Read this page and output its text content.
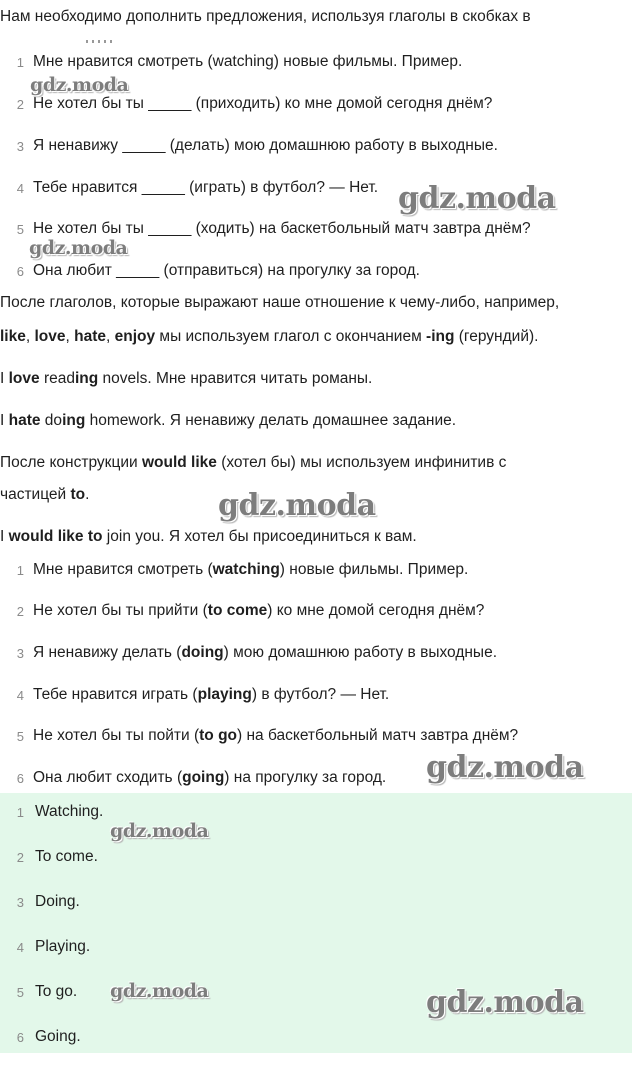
Нам необходимо дополнить предложения, используя глаголы в скобках в
1 Мне нравится смотреть (watching) новые фильмы. Пример.
2 Не хотел бы ты _____ (приходить) ко мне домой сегодня днём?
3 Я ненавижу _____ (делать) мою домашнюю работу в выходные.
4 Тебе нравится _____ (играть) в футбол? — Нет.
5 Не хотел бы ты _____ (ходить) на баскетбольный матч завтра днём?
6 Она любит _____ (отправиться) на прогулку за город.
После глаголов, которые выражают наше отношение к чему-либо, например,
like, love, hate, enjoy мы используем глагол с окончанием -ing (герундий).
I love reading novels. Мне нравится читать романы.
I hate doing homework. Я ненавижу делать домашнее задание.
После конструкции would like (хотел бы) мы используем инфинитив с
частицей to.
I would like to join you. Я хотел бы присоединиться к вам.
1 Мне нравится смотреть (watching) новые фильмы. Пример.
2 Не хотел бы ты прийти (to come) ко мне домой сегодня днём?
3 Я ненавижу делать (doing) мою домашнюю работу в выходные.
4 Тебе нравится играть (playing) в футбол? — Нет.
5 Не хотел бы ты пойти (to go) на баскетбольный матч завтра днём?
6 Она любит сходить (going) на прогулку за город.
1 Watching.
2 To come.
3 Doing.
4 Playing.
5 To go.
6 Going.
gdz.moda
gdz.moda
gdz.moda
gdz.moda
gdz.moda
gdz.moda
gdz.moda	gdz.moda
